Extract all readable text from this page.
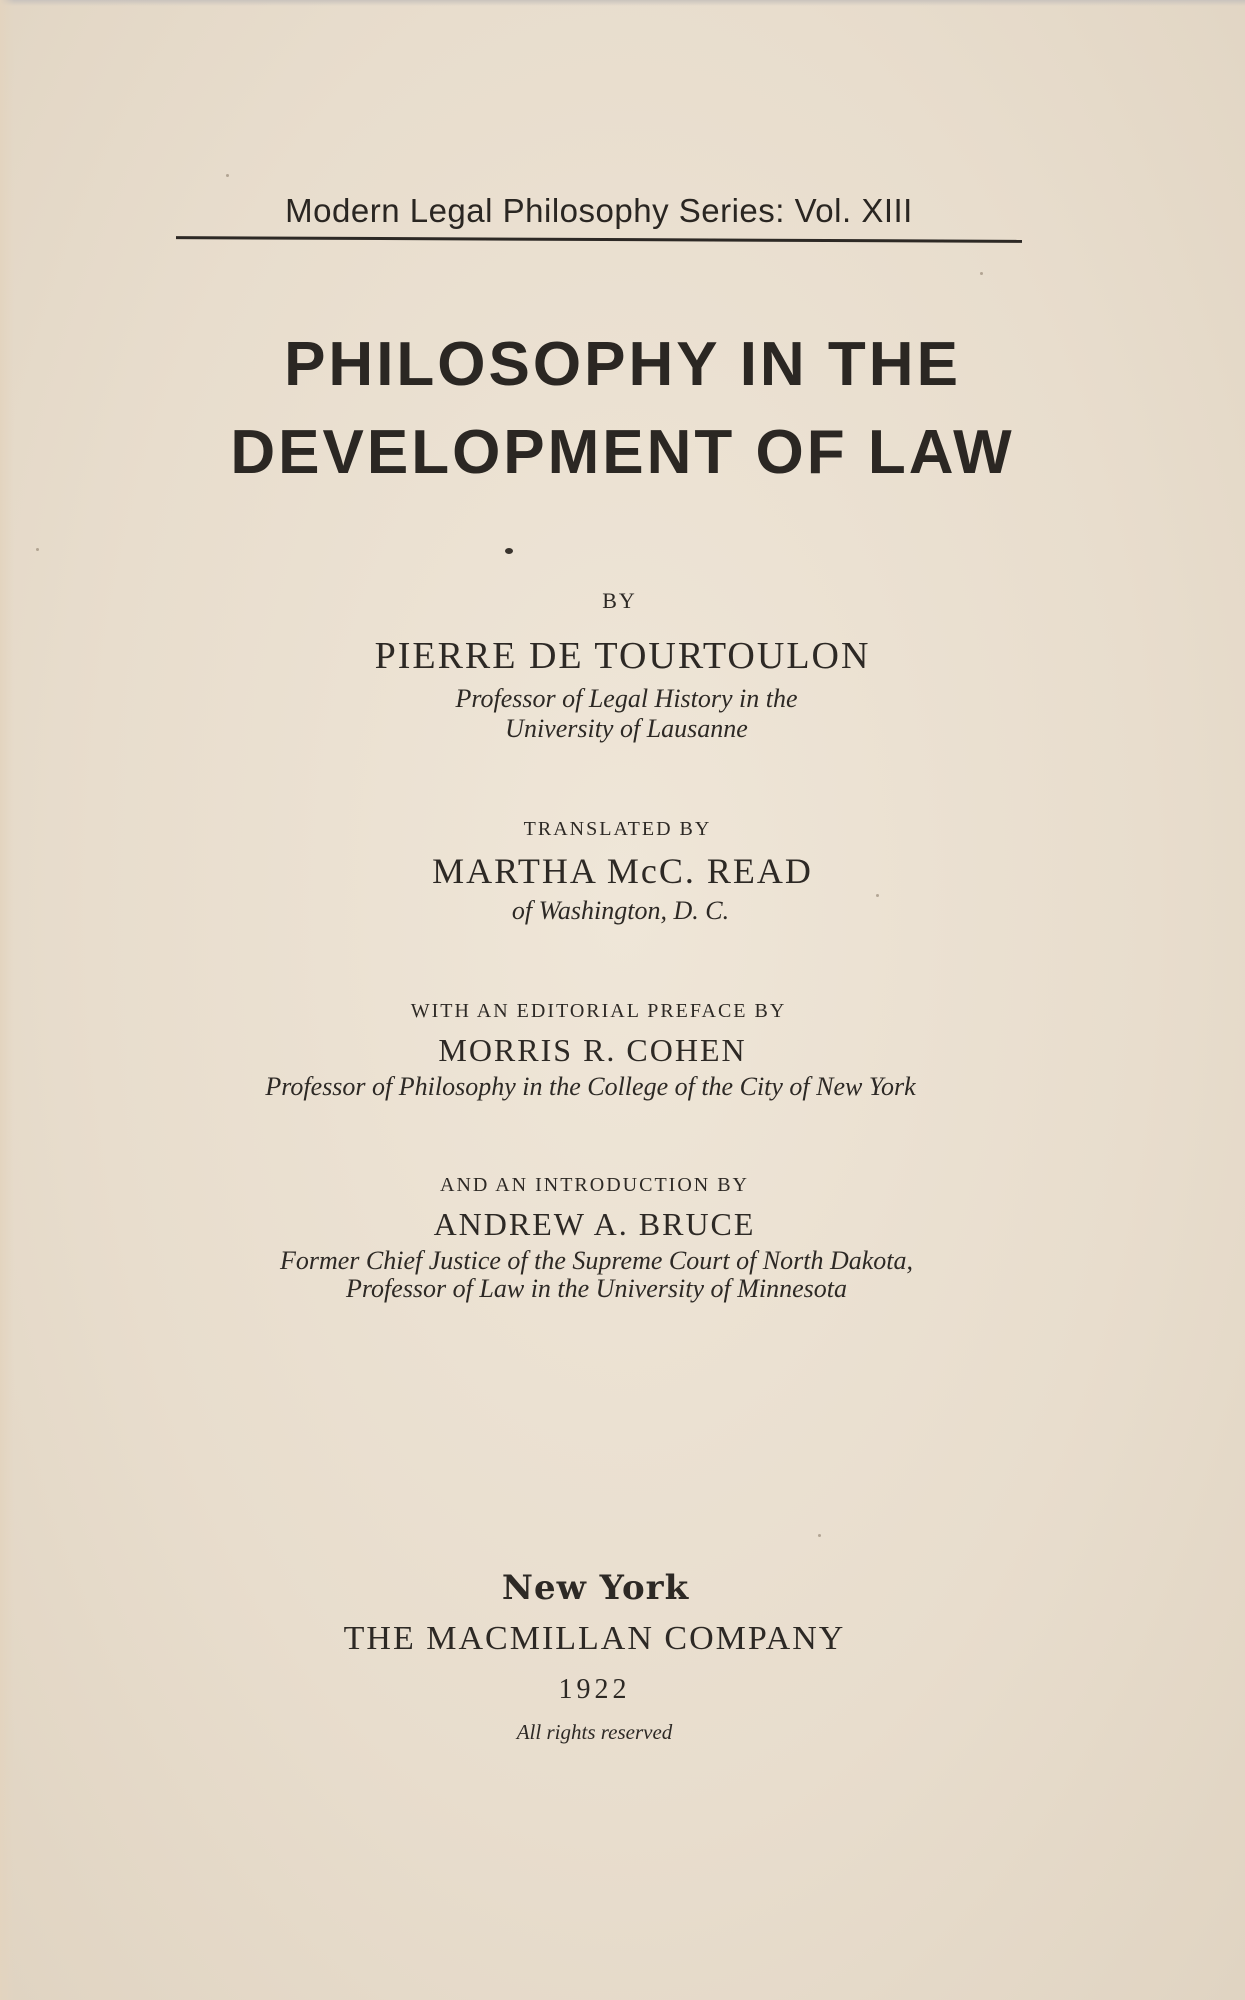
Modern Legal Philosophy Series: Vol. XIII

PHILOSOPHY IN THE

DEVELOPMENT OF LAW

BY

PIERRE DE TOURTOULON

Professor of Legal History in the

University of Lausanne

TRANSLATED BY

MARTHA McC. READ

of Washington, D. C.

WITH AN EDITORIAL PREFACE BY

MORRIS R. COHEN

Professor of Philosophy in the College of the City of New York

AND AN INTRODUCTION BY

ANDREW A. BRUCE

Former Chief Justice of the Supreme Court of North Dakota,

Professor of Law in the University of Minnesota

New York

THE MACMILLAN COMPANY

1922

All rights reserved
